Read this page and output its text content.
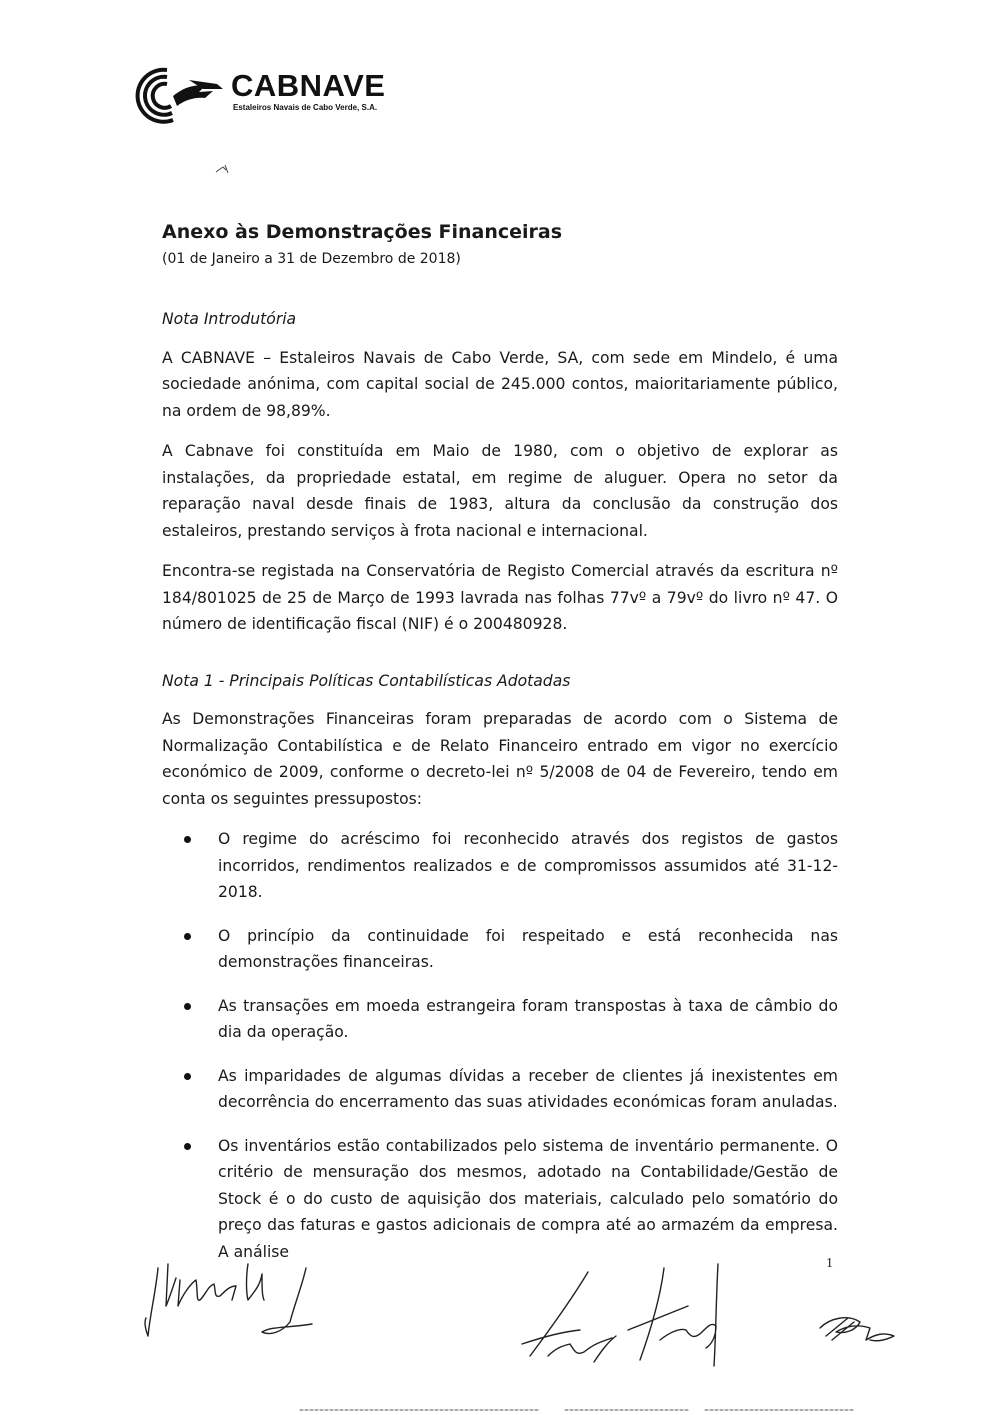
CABNAVE
Estaleiros Navais de Cabo Verde, S.A.
Anexo às Demonstrações Financeiras
(01 de Janeiro a 31 de Dezembro de 2018)
Nota Introdutória

A CABNAVE – Estaleiros Navais de Cabo Verde, SA, com sede em Mindelo, é uma sociedade anónima, com capital social de 245.000 contos, maioritariamente público, na ordem de 98,89%.

A Cabnave foi constituída em Maio de 1980, com o objetivo de explorar as instalações, da propriedade estatal, em regime de aluguer. Opera no setor da reparação naval desde finais de 1983, altura da conclusão da construção dos estaleiros, prestando serviços à frota nacional e internacional.

Encontra-se registada na Conservatória de Registo Comercial através da escritura nº 184/801025 de 25 de Março de 1993 lavrada nas folhas 77vº a 79vº do livro nº 47. O número de identificação fiscal (NIF) é o 200480928.

Nota 1 - Principais Políticas Contabilísticas Adotadas

As Demonstrações Financeiras foram preparadas de acordo com o Sistema de Normalização Contabilística e de Relato Financeiro entrado em vigor no exercício económico de 2009, conforme o decreto-lei nº 5/2008 de 04 de Fevereiro, tendo em conta os seguintes pressupostos:

O regime do acréscimo foi reconhecido através dos registos de gastos incorridos, rendimentos realizados e de compromissos assumidos até 31-12-2018.
O princípio da continuidade foi respeitado e está reconhecida nas demonstrações financeiras.
As transações em moeda estrangeira foram transpostas à taxa de câmbio do dia da operação.
As imparidades de algumas dívidas a receber de clientes já inexistentes em decorrência do encerramento das suas atividades económicas foram anuladas.
Os inventários estão contabilizados pelo sistema de inventário permanente. O critério de mensuração dos mesmos, adotado na Contabilidade/Gestão de Stock é o do custo de aquisição dos materiais, calculado pelo somatório do preço das faturas e gastos adicionais de compra até ao armazém da empresa. A análise
1
